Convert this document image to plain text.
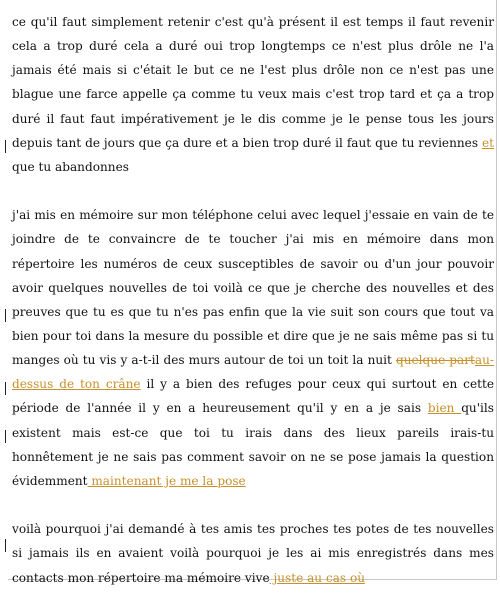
ce qu'il faut simplement retenir c'est qu'à présent il est temps il faut revenir cela a trop duré cela a duré oui trop longtemps ce n'est plus drôle ne l'a jamais été mais si c'était le but ce ne l'est plus drôle non ce n'est pas une blague une farce appelle ça comme tu veux mais c'est trop tard et ça a trop duré il faut faut impérativement je le dis comme je le pense tous les jours depuis tant de jours que ça dure et a bien trop duré il faut que tu reviennes et que tu abandonnes

j'ai mis en mémoire sur mon téléphone celui avec lequel j'essaie en vain de te joindre de te convaincre de te toucher j'ai mis en mémoire dans mon répertoire les numéros de ceux susceptibles de savoir ou d'un jour pouvoir avoir quelques nouvelles de toi voilà ce que je cherche des nouvelles et des preuves que tu es que tu n'es pas enfin que la vie suit son cours que tout va bien pour toi dans la mesure du possible et dire que je ne sais même pas si tu manges où tu vis y a-t-il des murs autour de toi un toit la nuit quelque partau-dessus de ton crâne il y a bien des refuges pour ceux qui surtout en cette période de l'année il y en a heureusement qu'il y en a je sais bien qu'ils existent mais est-ce que toi tu irais dans des lieux pareils irais-tu honnêtement je ne sais pas comment savoir on ne se pose jamais la question évidemment maintenant je me la pose

voilà pourquoi j'ai demandé à tes amis tes proches tes potes de tes nouvelles si jamais ils en avaient voilà pourquoi je les ai mis enregistrés dans mes contacts mon répertoire ma mémoire vive juste au cas où
